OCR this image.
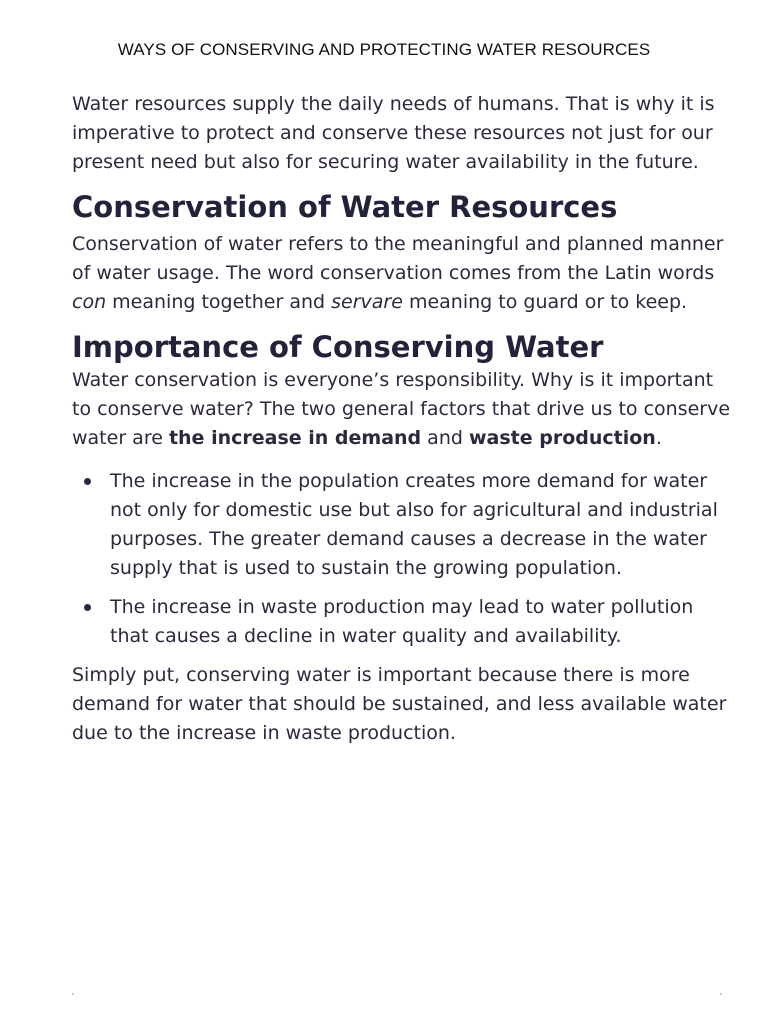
WAYS OF CONSERVING AND PROTECTING WATER RESOURCES

Water resources supply the daily needs of humans. That is why it is imperative to protect and conserve these resources not just for our present need but also for securing water availability in the future.

Conservation of Water Resources

Conservation of water refers to the meaningful and planned manner of water usage. The word conservation comes from the Latin words con meaning together and servare meaning to guard or to keep.

Importance of Conserving Water

Water conservation is everyone’s responsibility. Why is it important to conserve water? The two general factors that drive us to conserve water are the increase in demand and waste production.

The increase in the population creates more demand for water not only for domestic use but also for agricultural and industrial purposes. The greater demand causes a decrease in the water supply that is used to sustain the growing population.
The increase in waste production may lead to water pollution that causes a decline in water quality and availability.

Simply put, conserving water is important because there is more demand for water that should be sustained, and less available water due to the increase in waste production.
